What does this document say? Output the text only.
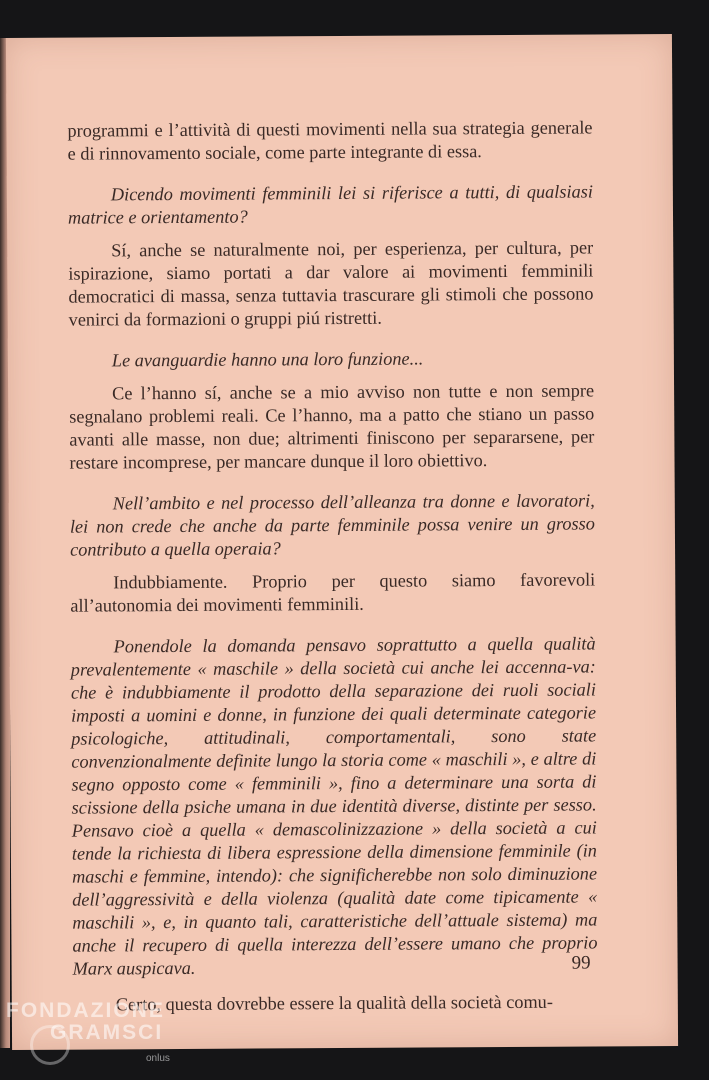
programmi e l’attività di questi movimenti nella sua strategia generale e di rinnovamento sociale, come parte integrante di essa.

Dicendo movimenti femminili lei si riferisce a tutti, di qualsiasi matrice e orientamento?

Sí, anche se naturalmente noi, per esperienza, per cultura, per ispirazione, siamo portati a dar valore ai movimenti femminili democratici di massa, senza tuttavia trascurare gli stimoli che possono venirci da formazioni o gruppi piú ristretti.

Le avanguardie hanno una loro funzione...

Ce l’hanno sí, anche se a mio avviso non tutte e non sempre segnalano problemi reali. Ce l’hanno, ma a patto che stiano un passo avanti alle masse, non due; altrimenti finiscono per separarsene, per restare incomprese, per mancare dunque il loro obiettivo.

Nell’ambito e nel processo dell’alleanza tra donne e lavoratori, lei non crede che anche da parte femminile possa venire un grosso contributo a quella operaia?

Indubbiamente. Proprio per questo siamo favorevoli all’autonomia dei movimenti femminili.

Ponendole la domanda pensavo soprattutto a quella qualità prevalentemente « maschile » della società cui anche lei accenna-va: che è indubbiamente il prodotto della separazione dei ruoli sociali imposti a uomini e donne, in funzione dei quali determinate categorie psicologiche, attitudinali, comportamentali, sono state convenzionalmente definite lungo la storia come « maschili », e altre di segno opposto come « femminili », fino a determinare una sorta di scissione della psiche umana in due identità diverse, distinte per sesso. Pensavo cioè a quella « demascolinizzazione » della società a cui tende la richiesta di libera espressione della dimensione femminile (in maschi e femmine, intendo): che significherebbe non solo diminuzione dell’aggressività e della violenza (qualità date come tipicamente « maschili », e, in quanto tali, caratteristiche dell’attuale sistema) ma anche il recupero di quella interezza dell’essere umano che proprio Marx auspicava.

Certo, questa dovrebbe essere la qualità della società comu-

99
FONDAZIONE
GRAMSCI
onlus
